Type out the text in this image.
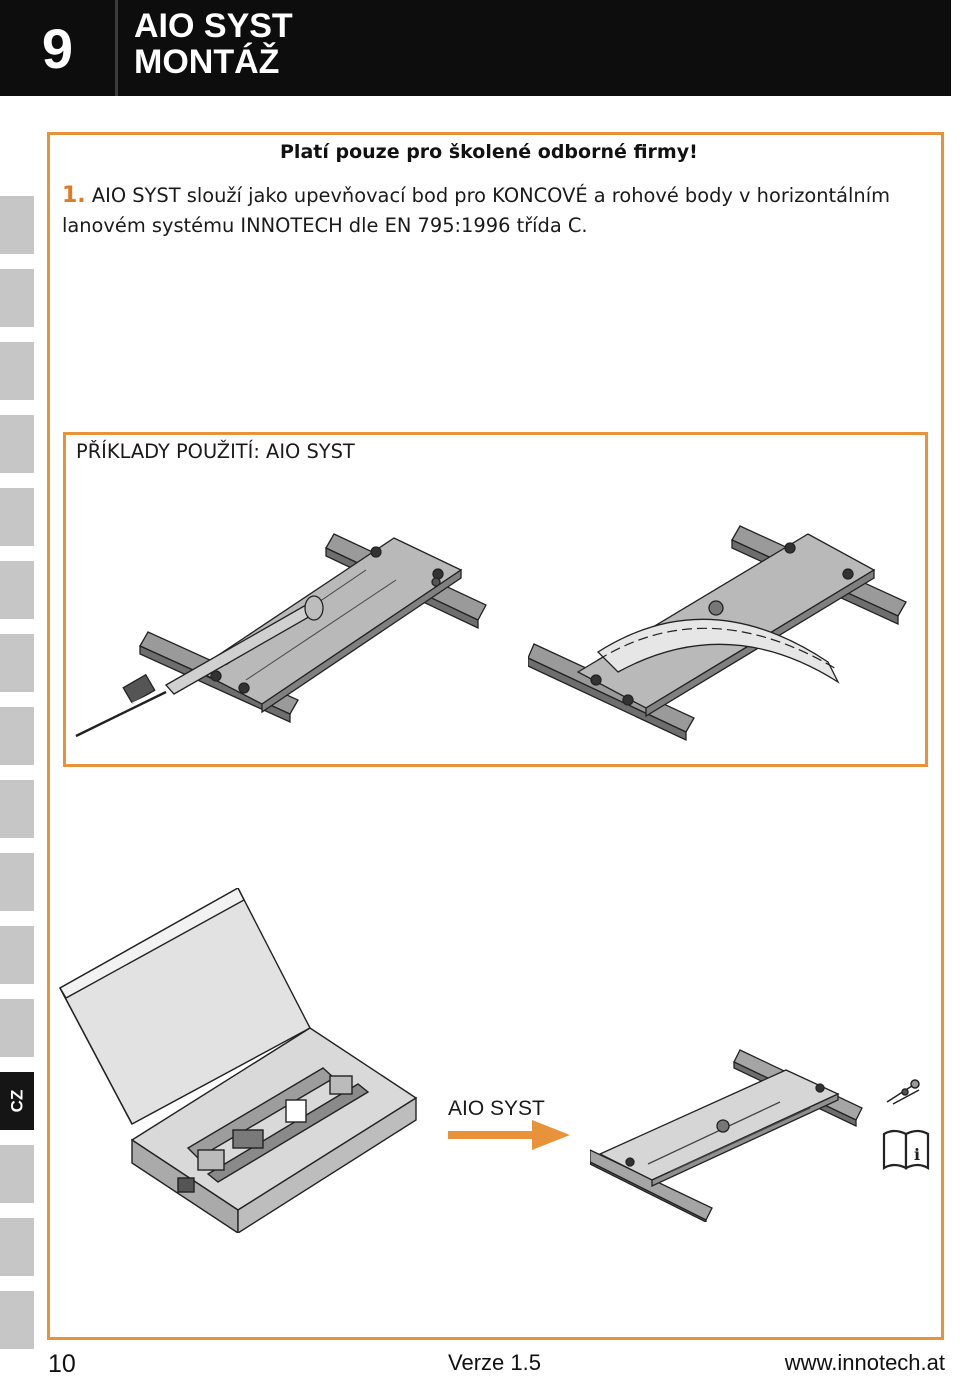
9	AIO SYST
MONTÁŽ
CZ
Platí pouze pro školené odborné firmy!
1. AIO SYST slouží jako upevňovací bod pro KONCOVÉ a rohové body v horizontálním lanovém systému INNOTECH dle EN 795:1996 třída C.
PŘÍKLADY POUŽITÍ: AIO SYST
AIO SYST
i
10	Verze 1.5	www.innotech.at
